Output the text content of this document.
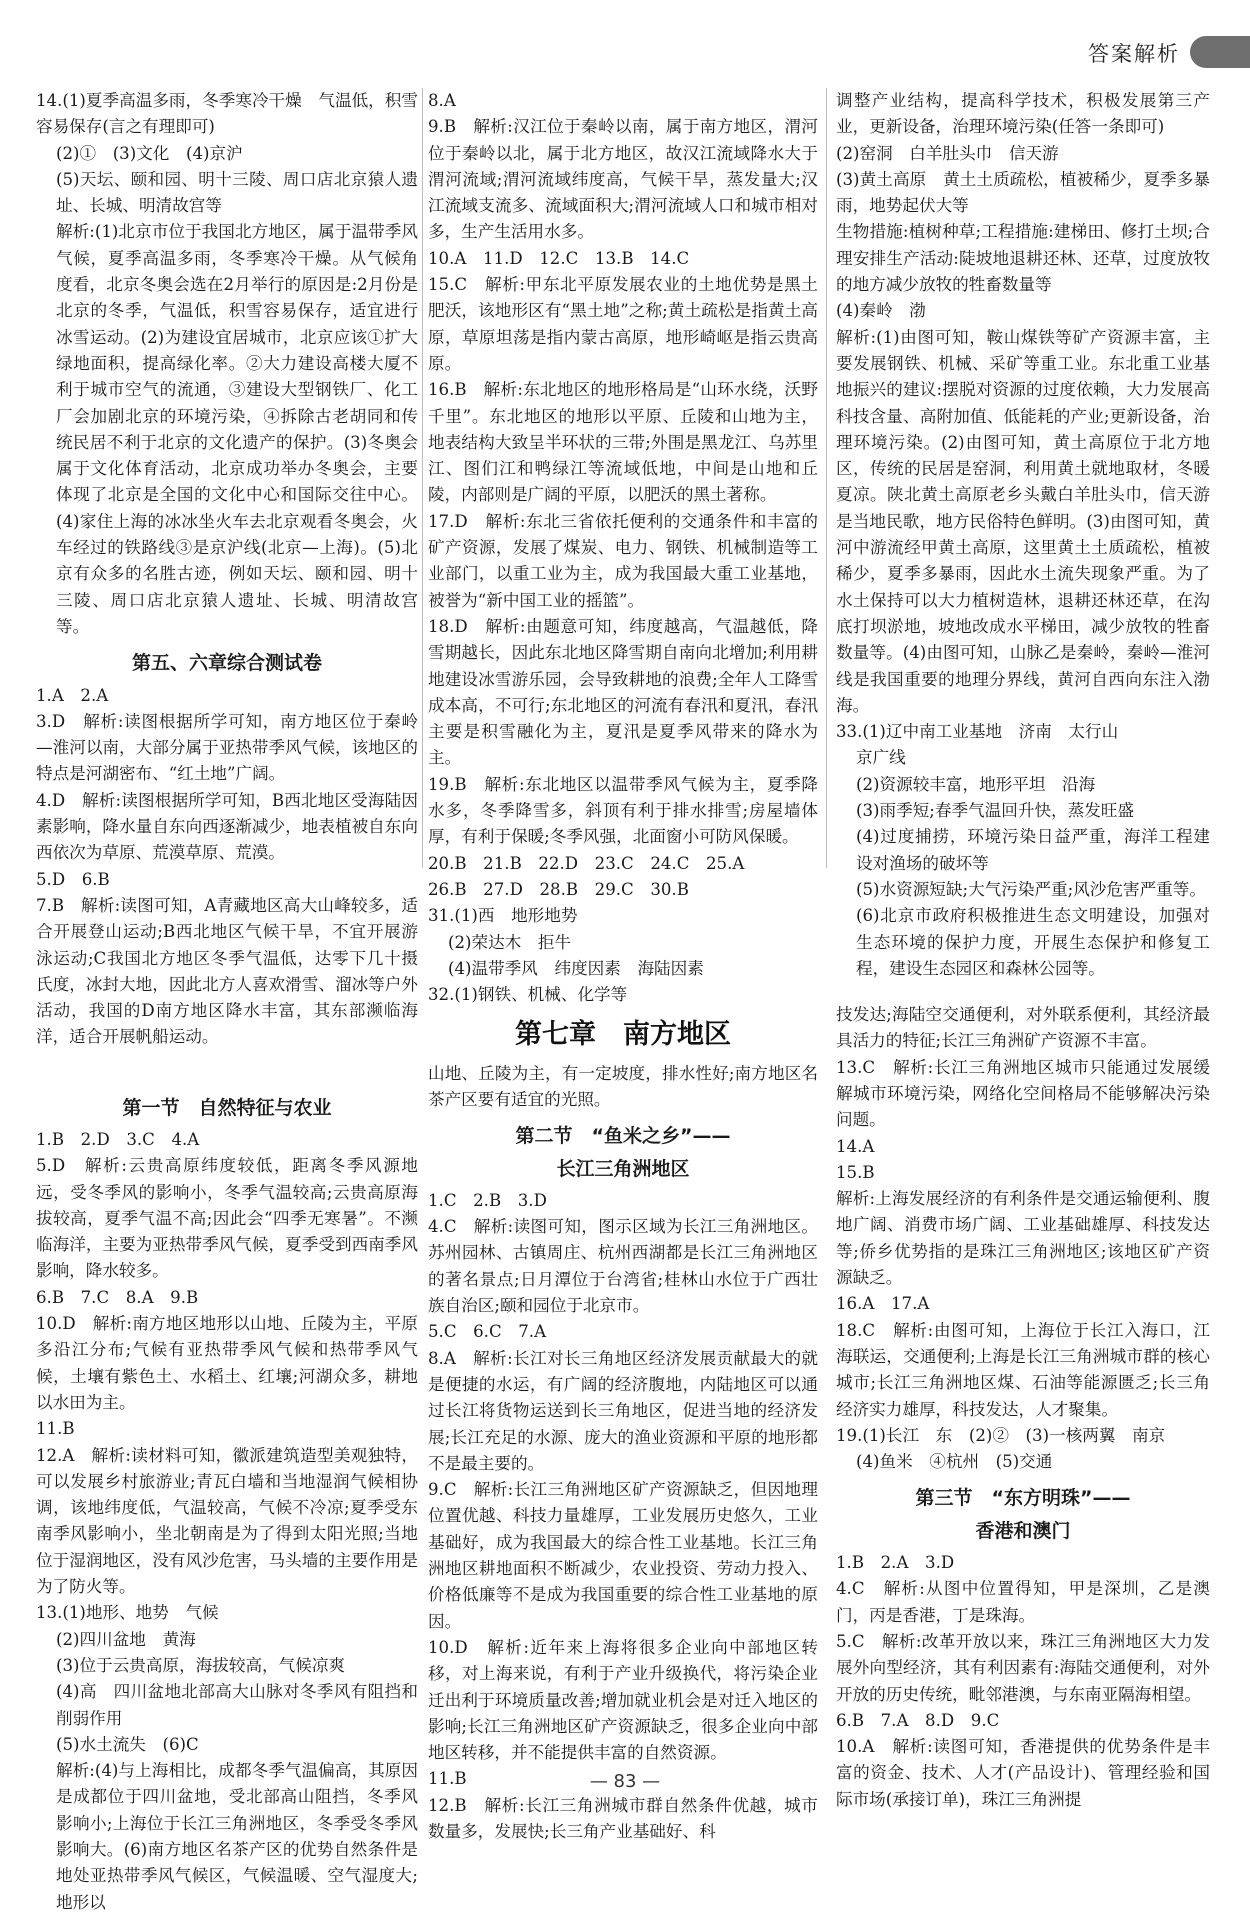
答案解析

14.(1)夏季高温多雨，冬季寒冷干燥　气温低，积雪容易保存(言之有理即可)

(2)①　(3)文化　(4)京沪

(5)天坛、颐和园、明十三陵、周口店北京猿人遗址、长城、明清故宫等

解析:(1)北京市位于我国北方地区，属于温带季风气候，夏季高温多雨，冬季寒冷干燥。从气候角度看，北京冬奥会选在2月举行的原因是:2月份是北京的冬季，气温低，积雪容易保存，适宜进行冰雪运动。(2)为建设宜居城市，北京应该①扩大绿地面积，提高绿化率。②大力建设高楼大厦不利于城市空气的流通，③建设大型钢铁厂、化工厂会加剧北京的环境污染，④拆除古老胡同和传统民居不利于北京的文化遗产的保护。(3)冬奥会属于文化体育活动，北京成功举办冬奥会，主要体现了北京是全国的文化中心和国际交往中心。(4)家住上海的冰冰坐火车去北京观看冬奥会，火车经过的铁路线③是京沪线(北京—上海)。(5)北京有众多的名胜古迹，例如天坛、颐和园、明十三陵、周口店北京猿人遗址、长城、明清故宫等。

第五、六章综合测试卷

1.A　2.A

3.D　解析:读图根据所学可知，南方地区位于秦岭—淮河以南，大部分属于亚热带季风气候，该地区的特点是河湖密布、“红土地”广阔。

4.D　解析:读图根据所学可知，B西北地区受海陆因素影响，降水量自东向西逐渐减少，地表植被自东向西依次为草原、荒漠草原、荒漠。

5.D　6.B

7.B　解析:读图可知，A青藏地区高大山峰较多，适合开展登山运动;B西北地区气候干旱，不宜开展游泳运动;C我国北方地区冬季气温低，达零下几十摄氏度，冰封大地，因此北方人喜欢滑雪、溜冰等户外活动，我国的D南方地区降水丰富，其东部濒临海洋，适合开展帆船运动。

第一节　自然特征与农业

1.B　2.D　3.C　4.A

5.D　解析:云贵高原纬度较低，距离冬季风源地远，受冬季风的影响小，冬季气温较高;云贵高原海拔较高，夏季气温不高;因此会“四季无寒暑”。不濒临海洋，主要为亚热带季风气候，夏季受到西南季风影响，降水较多。

6.B　7.C　8.A　9.B

10.D　解析:南方地区地形以山地、丘陵为主，平原多沿江分布;气候有亚热带季风气候和热带季风气候，土壤有紫色土、水稻土、红壤;河湖众多，耕地以水田为主。

11.B

12.A　解析:读材料可知，徽派建筑造型美观独特，可以发展乡村旅游业;青瓦白墙和当地湿润气候相协调，该地纬度低，气温较高，气候不冷凉;夏季受东南季风影响小，坐北朝南是为了得到太阳光照;当地位于湿润地区，没有风沙危害，马头墙的主要作用是为了防火等。

13.(1)地形、地势　气候

(2)四川盆地　黄海

(3)位于云贵高原，海拔较高，气候凉爽

(4)高　四川盆地北部高大山脉对冬季风有阻挡和削弱作用

(5)水土流失　(6)C

解析:(4)与上海相比，成都冬季气温偏高，其原因是成都位于四川盆地，受北部高山阻挡，冬季风影响小;上海位于长江三角洲地区，冬季受冬季风影响大。(6)南方地区名茶产区的优势自然条件是地处亚热带季风气候区，气候温暖、空气湿度大;地形以

8.A

9.B　解析:汉江位于秦岭以南，属于南方地区，渭河位于秦岭以北，属于北方地区，故汉江流域降水大于渭河流域;渭河流域纬度高，气候干旱，蒸发量大;汉江流域支流多、流域面积大;渭河流域人口和城市相对多，生产生活用水多。

10.A　11.D　12.C　13.B　14.C

15.C　解析:甲东北平原发展农业的土地优势是黑土肥沃，该地形区有“黑土地”之称;黄土疏松是指黄土高原，草原坦荡是指内蒙古高原，地形崎岖是指云贵高原。

16.B　解析:东北地区的地形格局是“山环水绕，沃野千里”。东北地区的地形以平原、丘陵和山地为主，地表结构大致呈半环状的三带;外围是黑龙江、乌苏里江、图们江和鸭绿江等流域低地，中间是山地和丘陵，内部则是广阔的平原，以肥沃的黑土著称。

17.D　解析:东北三省依托便利的交通条件和丰富的矿产资源，发展了煤炭、电力、钢铁、机械制造等工业部门，以重工业为主，成为我国最大重工业基地，被誉为“新中国工业的摇篮”。

18.D　解析:由题意可知，纬度越高，气温越低，降雪期越长，因此东北地区降雪期自南向北增加;利用耕地建设冰雪游乐园，会导致耕地的浪费;全年人工降雪成本高，不可行;东北地区的河流有春汛和夏汛，春汛主要是积雪融化为主，夏汛是夏季风带来的降水为主。

19.B　解析:东北地区以温带季风气候为主，夏季降水多，冬季降雪多，斜顶有利于排水排雪;房屋墙体厚，有利于保暖;冬季风强，北面窗小可防风保暖。

20.B　21.B　22.D　23.C　24.C　25.A

26.B　27.D　28.B　29.C　30.B

31.(1)西　地形地势

(2)荣达木　拒牛

(4)温带季风　纬度因素　海陆因素

32.(1)钢铁、机械、化学等

第七章　南方地区

山地、丘陵为主，有一定坡度，排水性好;南方地区名茶产区要有适宜的光照。

第二节　“鱼米之乡”——
长江三角洲地区

1.C　2.B　3.D

4.C　解析:读图可知，图示区域为长江三角洲地区。苏州园林、古镇周庄、杭州西湖都是长江三角洲地区的著名景点;日月潭位于台湾省;桂林山水位于广西壮族自治区;颐和园位于北京市。

5.C　6.C　7.A

8.A　解析:长江对长三角地区经济发展贡献最大的就是便捷的水运，有广阔的经济腹地，内陆地区可以通过长江将货物运送到长三角地区，促进当地的经济发展;长江充足的水源、庞大的渔业资源和平原的地形都不是最主要的。

9.C　解析:长江三角洲地区矿产资源缺乏，但因地理位置优越、科技力量雄厚，工业发展历史悠久，工业基础好，成为我国最大的综合性工业基地。长江三角洲地区耕地面积不断减少，农业投资、劳动力投入、价格低廉等不是成为我国重要的综合性工业基地的原因。

10.D　解析:近年来上海将很多企业向中部地区转移，对上海来说，有利于产业升级换代，将污染企业迁出利于环境质量改善;增加就业机会是对迁入地区的影响;长江三角洲地区矿产资源缺乏，很多企业向中部地区转移，并不能提供丰富的自然资源。

11.B

12.B　解析:长江三角洲城市群自然条件优越，城市数量多，发展快;长三角产业基础好、科

调整产业结构，提高科学技术，积极发展第三产业，更新设备，治理环境污染(任答一条即可)

(2)窑洞　白羊肚头巾　信天游

(3)黄土高原　黄土土质疏松，植被稀少，夏季多暴雨，地势起伏大等

生物措施:植树种草;工程措施:建梯田、修打土坝;合理安排生产活动:陡坡地退耕还林、还草，过度放牧的地方减少放牧的牲畜数量等

(4)秦岭　渤

解析:(1)由图可知，鞍山煤铁等矿产资源丰富，主要发展钢铁、机械、采矿等重工业。东北重工业基地振兴的建议:摆脱对资源的过度依赖，大力发展高科技含量、高附加值、低能耗的产业;更新设备，治理环境污染。(2)由图可知，黄土高原位于北方地区，传统的民居是窑洞，利用黄土就地取材，冬暖夏凉。陕北黄土高原老乡头戴白羊肚头巾，信天游是当地民歌，地方民俗特色鲜明。(3)由图可知，黄河中游流经甲黄土高原，这里黄土土质疏松，植被稀少，夏季多暴雨，因此水土流失现象严重。为了水土保持可以大力植树造林，退耕还林还草，在沟底打坝淤地，坡地改成水平梯田，减少放牧的牲畜数量等。(4)由图可知，山脉乙是秦岭，秦岭—淮河线是我国重要的地理分界线，黄河自西向东注入渤海。

33.(1)辽中南工业基地　济南　太行山

京广线

(2)资源较丰富，地形平坦　沿海

(3)雨季短;春季气温回升快，蒸发旺盛

(4)过度捕捞，环境污染日益严重，海洋工程建设对渔场的破坏等

(5)水资源短缺;大气污染严重;风沙危害严重等。

(6)北京市政府积极推进生态文明建设，加强对生态环境的保护力度，开展生态保护和修复工程，建设生态园区和森林公园等。

技发达;海陆空交通便利，对外联系便利，其经济最具活力的特征;长江三角洲矿产资源不丰富。

13.C　解析:长江三角洲地区城市只能通过发展缓解城市环境污染，网络化空间格局不能够解决污染问题。

14.A

15.B

解析:上海发展经济的有利条件是交通运输便利、腹地广阔、消费市场广阔、工业基础雄厚、科技发达等;侨乡优势指的是珠江三角洲地区;该地区矿产资源缺乏。

16.A　17.A

18.C　解析:由图可知，上海位于长江入海口，江海联运，交通便利;上海是长江三角洲城市群的核心城市;长江三角洲地区煤、石油等能源匮乏;长三角经济实力雄厚，科技发达，人才聚集。

19.(1)长江　东　(2)②　(3)一核两翼　南京

(4)鱼米　④杭州　(5)交通

第三节　“东方明珠”——
香港和澳门

1.B　2.A　3.D

4.C　解析:从图中位置得知，甲是深圳，乙是澳门，丙是香港，丁是珠海。

5.C　解析:改革开放以来，珠江三角洲地区大力发展外向型经济，其有利因素有:海陆交通便利，对外开放的历史传统，毗邻港澳，与东南亚隔海相望。

6.B　7.A　8.D　9.C

10.A　解析:读图可知，香港提供的优势条件是丰富的资金、技术、人才(产品设计)、管理经验和国际市场(承接订单)，珠江三角洲提

— 83 —
